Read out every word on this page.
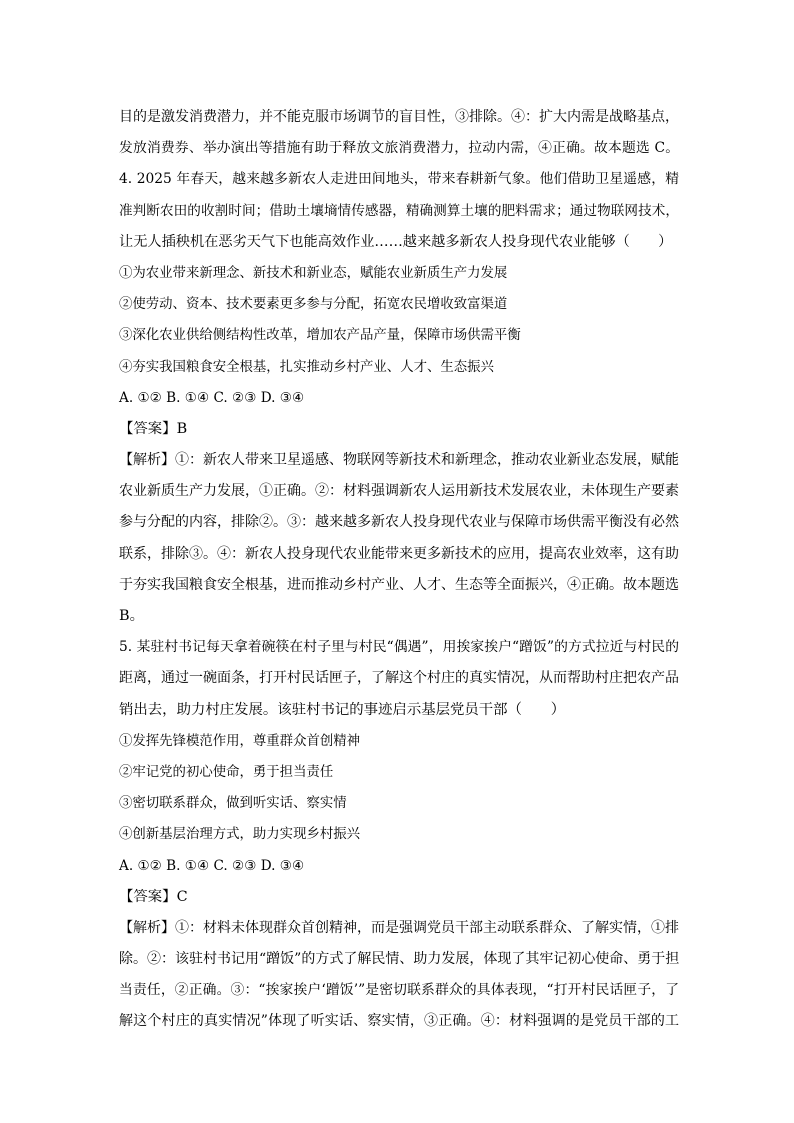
目的是激发消费潜力，并不能克服市场调节的盲目性，③排除。④：扩大内需是战略基点，
发放消费券、举办演出等措施有助于释放文旅消费潜力，拉动内需，④正确。故本题选 C。
4. 2025 年春天，越来越多新农人走进田间地头，带来春耕新气象。他们借助卫星遥感，精
准判断农田的收割时间；借助土壤墒情传感器，精确测算土壤的肥料需求；通过物联网技术，
让无人插秧机在恶劣天气下也能高效作业……越来越多新农人投身现代农业能够（　　）
①为农业带来新理念、新技术和新业态，赋能农业新质生产力发展
②使劳动、资本、技术要素更多参与分配，拓宽农民增收致富渠道
③深化农业供给侧结构性改革，增加农产品产量，保障市场供需平衡
④夯实我国粮食安全根基，扎实推动乡村产业、人才、生态振兴
A. ①② B. ①④ C. ②③ D. ③④
【答案】B
【解析】①：新农人带来卫星遥感、物联网等新技术和新理念，推动农业新业态发展，赋能
农业新质生产力发展，①正确。②：材料强调新农人运用新技术发展农业，未体现生产要素
参与分配的内容，排除②。③：越来越多新农人投身现代农业与保障市场供需平衡没有必然
联系，排除③。④：新农人投身现代农业能带来更多新技术的应用，提高农业效率，这有助
于夯实我国粮食安全根基，进而推动乡村产业、人才、生态等全面振兴，④正确。故本题选
B。
5. 某驻村书记每天拿着碗筷在村子里与村民“偶遇”，用挨家挨户“蹭饭”的方式拉近与村民的
距离，通过一碗面条，打开村民话匣子，了解这个村庄的真实情况，从而帮助村庄把农产品
销出去，助力村庄发展。该驻村书记的事迹启示基层党员干部（　　）
①发挥先锋模范作用，尊重群众首创精神
②牢记党的初心使命，勇于担当责任
③密切联系群众，做到听实话、察实情
④创新基层治理方式，助力实现乡村振兴
A. ①② B. ①④ C. ②③ D. ③④
【答案】C
【解析】①：材料未体现群众首创精神，而是强调党员干部主动联系群众、了解实情，①排
除。②：该驻村书记用“蹭饭”的方式了解民情、助力发展，体现了其牢记初心使命、勇于担
当责任，②正确。③：“挨家挨户‘蹭饭’”是密切联系群众的具体表现，“打开村民话匣子，了
解这个村庄的真实情况”体现了听实话、察实情，③正确。④：材料强调的是党员干部的工
